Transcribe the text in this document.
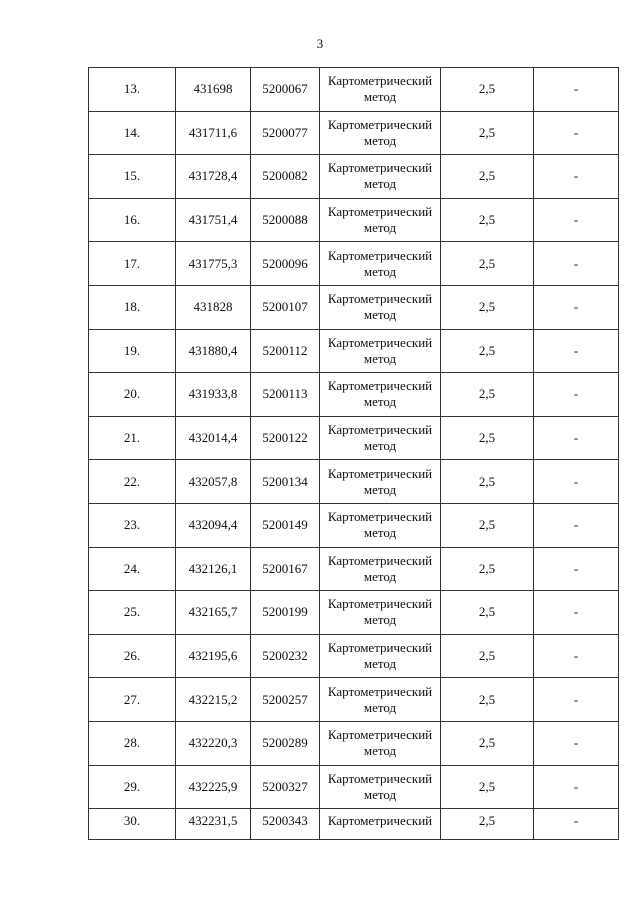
3
13.	431698	5200067	Картометрический метод	2,5	-
14.	431711,6	5200077	Картометрический метод	2,5	-
15.	431728,4	5200082	Картометрический метод	2,5	-
16.	431751,4	5200088	Картометрический метод	2,5	-
17.	431775,3	5200096	Картометрический метод	2,5	-
18.	431828	5200107	Картометрический метод	2,5	-
19.	431880,4	5200112	Картометрический метод	2,5	-
20.	431933,8	5200113	Картометрический метод	2,5	-
21.	432014,4	5200122	Картометрический метод	2,5	-
22.	432057,8	5200134	Картометрический метод	2,5	-
23.	432094,4	5200149	Картометрический метод	2,5	-
24.	432126,1	5200167	Картометрический метод	2,5	-
25.	432165,7	5200199	Картометрический метод	2,5	-
26.	432195,6	5200232	Картометрический метод	2,5	-
27.	432215,2	5200257	Картометрический метод	2,5	-
28.	432220,3	5200289	Картометрический метод	2,5	-
29.	432225,9	5200327	Картометрический метод	2,5	-
30.	432231,5	5200343	Картометрический	2,5	-
